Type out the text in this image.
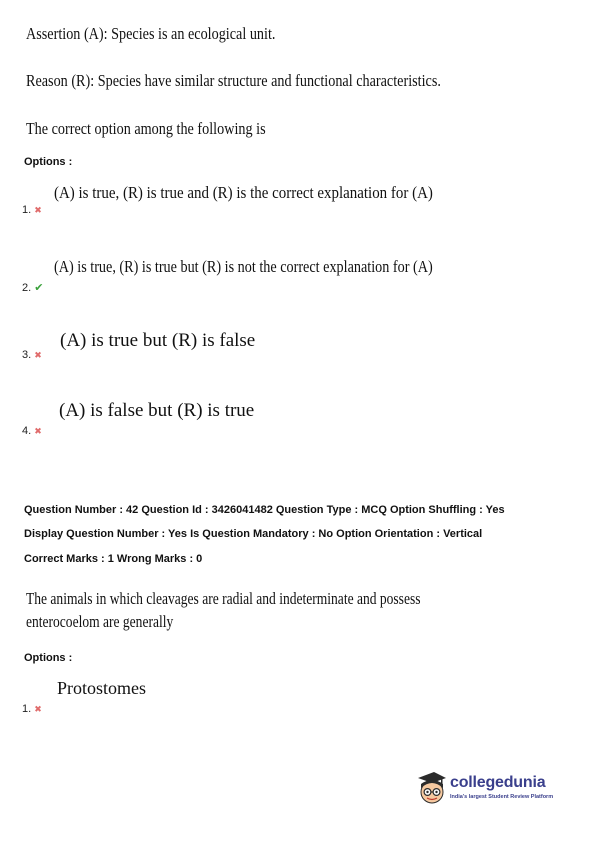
Assertion (A): Species is an ecological unit.
Reason (R): Species have similar structure and functional characteristics.
The correct option among the following is
Options :
(A) is true, (R) is true and (R) is the correct explanation for (A)
1. ✖
(A) is true, (R) is true but (R) is not the correct explanation for (A)
2. ✔
(A) is true but (R) is false
3. ✖
(A) is false but (R) is true
4. ✖
Question Number : 42 Question Id : 3426041482 Question Type : MCQ Option Shuffling : Yes
Display Question Number : Yes Is Question Mandatory : No Option Orientation : Vertical
Correct Marks : 1 Wrong Marks : 0
The animals in which cleavages are radial and indeterminate and possess
enterocoelom are generally
Options :
Protostomes
1. ✖
collegedunia
India's largest Student Review Platform
